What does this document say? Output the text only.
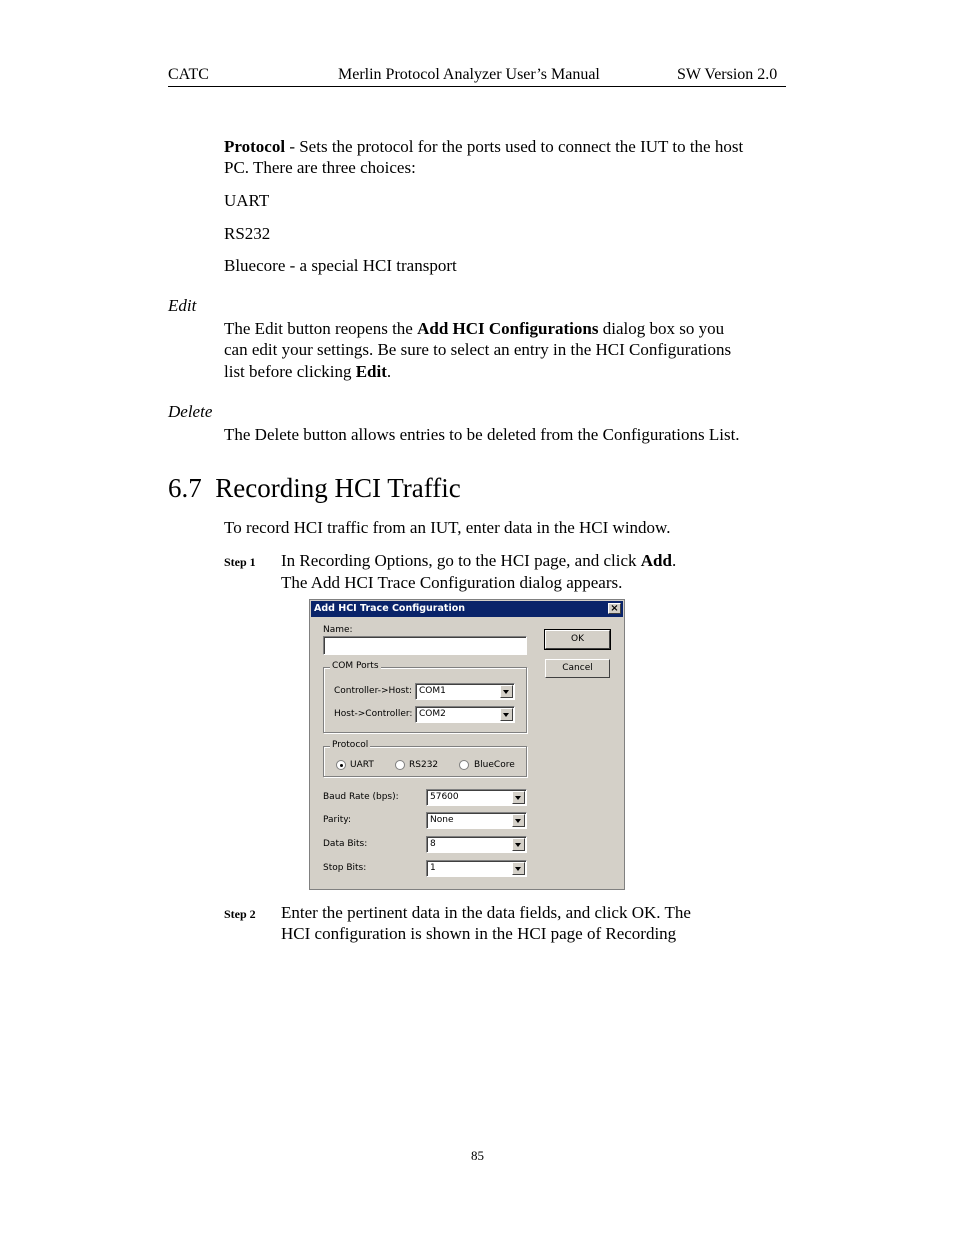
CATC	Merlin Protocol Analyzer User’s Manual	SW Version 2.0
Protocol - Sets the protocol for the ports used to connect the IUT to the host
PC. There are three choices:
UART
RS232
Bluecore - a special HCI transport
Edit
The Edit button reopens the Add HCI Configurations dialog box so you
can edit your settings. Be sure to select an entry in the HCI Configurations
list before clicking Edit.
Delete
The Delete button allows entries to be deleted from the Configurations List.
6.7  Recording HCI Traffic
To record HCI traffic from an IUT, enter data in the HCI window.
Step 1 In Recording Options, go to the HCI page, and click Add.
The Add HCI Trace Configuration dialog appears.
Add HCI Trace Configuration	×
Name:
OK
Cancel
COM Ports
Controller->Host: COM1
Host->Controller: COM2
Protocol
UART	RS232	BlueCore
Baud Rate (bps):	57600
Parity:	None
Data Bits:	8
Stop Bits:	1
Step 2 Enter the pertinent data in the data fields, and click OK. The
HCI configuration is shown in the HCI page of Recording
85
